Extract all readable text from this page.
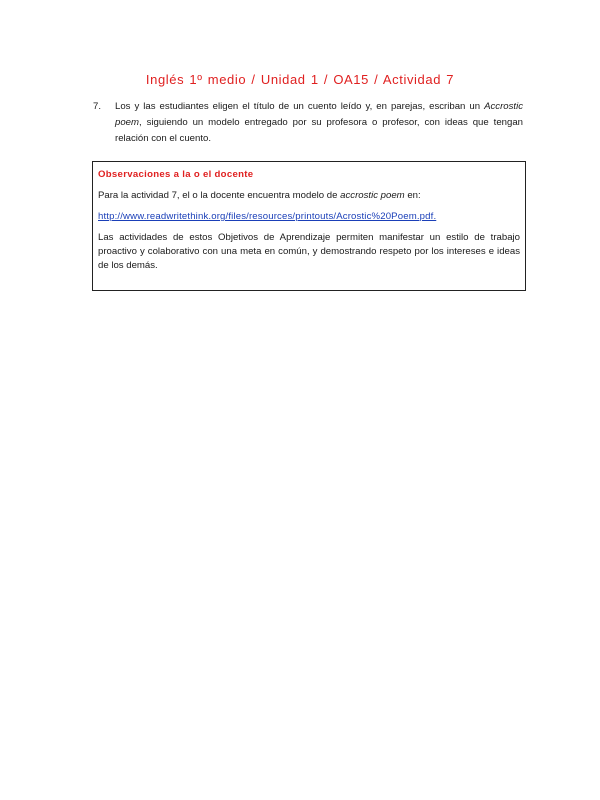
Inglés 1º medio / Unidad 1 / OA15 / Actividad 7
7. Los y las estudiantes eligen el título de un cuento leído y, en parejas, escriban un Accrostic poem, siguiendo un modelo entregado por su profesora o profesor, con ideas que tengan relación con el cuento.
Observaciones a la o el docente

Para la actividad 7, el o la docente encuentra modelo de accrostic poem en:

http://www.readwritethink.org/files/resources/printouts/Acrostic%20Poem.pdf.

Las actividades de estos Objetivos de Aprendizaje permiten manifestar un estilo de trabajo proactivo y colaborativo con una meta en común, y demostrando respeto por los intereses e ideas de los demás.
